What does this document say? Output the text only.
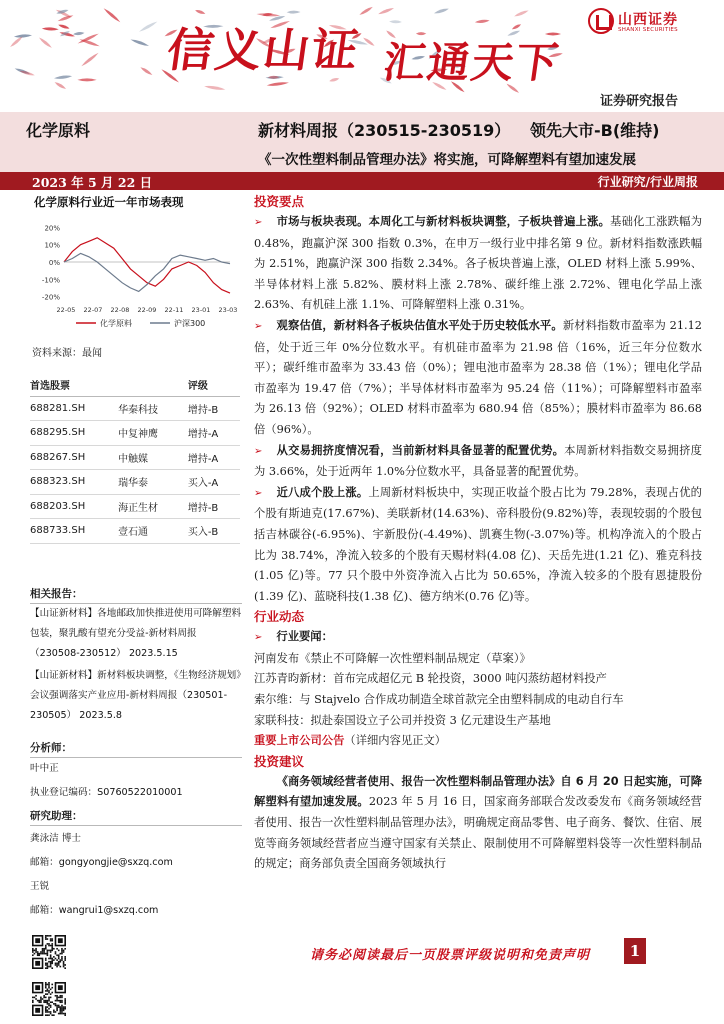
信义山证 汇通天下
山西证券
SHANXI SECURITIES
证券研究报告
化学原料	新材料周报（230515-230519） 领先大市-B(维持)
《一次性塑料制品管理办法》将实施，可降解塑料有望加速发展
2023 年 5 月 22 日	行业研究/行业周报
化学原料行业近一年市场表现
20%
10%
0%
-10%
-20%
22-05 22-07 22-08 22-09 22-11 23-01 23-03
化学原料	沪深300
资料来源：最闻
首选股票		评级
688281.SH	华秦科技	增持-B
688295.SH	中复神鹰	增持-A
688267.SH	中触媒	增持-A
688323.SH	瑞华泰	买入-A
688203.SH	海正生材	增持-B
688733.SH	壹石通	买入-B
相关报告：

【山证新材料】各地邮政加快推进使用可降解塑料包装，聚乳酸有望充分受益-新材料周报（230508-230512） 2023.5.15

【山证新材料】新材料板块调整，《生物经济规划》会议强调落实产业应用-新材料周报（230501-230505） 2023.5.8

分析师：
叶中正
执业登记编码：S0760522010001
研究助理：
龚泳洁 博士
邮箱：gongyongjie@sxzq.com
王锐
邮箱：wangrui1@sxzq.com
投资要点
➢ 市场与板块表现。本周化工与新材料板块调整，子板块普遍上涨。基础化工涨跌幅为 0.48%，跑赢沪深 300 指数 0.3%，在申万一级行业中排名第 9 位。新材料指数涨跌幅为 2.51%，跑赢沪深 300 指数 2.34%。各子板块普遍上涨，OLED 材料上涨 5.99%、半导体材料上涨 5.82%、膜材料上涨 2.78%、碳纤维上涨 2.72%、锂电化学品上涨 2.63%、有机硅上涨 1.1%、可降解塑料上涨 0.31%。
➢ 观察估值，新材料各子板块估值水平处于历史较低水平。新材料指数市盈率为 21.12 倍，处于近三年 0%分位数水平。有机硅市盈率为 21.98 倍（16%，近三年分位数水平）；碳纤维市盈率为 33.43 倍（0%）；锂电池市盈率为 28.38 倍（1%）；锂电化学品市盈率为 19.47 倍（7%）；半导体材料市盈率为 95.24 倍（11%）；可降解塑料市盈率为 26.13 倍（92%）；OLED 材料市盈率为 680.94 倍（85%）；膜材料市盈率为 86.68 倍（96%）。
➢ 从交易拥挤度情况看，当前新材料具备显著的配置优势。本周新材料指数交易拥挤度为 3.66%，处于近两年 1.0%分位数水平，具备显著的配置优势。
➢ 近八成个股上涨。上周新材料板块中，实现正收益个股占比为 79.28%，表现占优的个股有斯迪克(17.67%)、美联新材(14.63%)、帝科股份(9.82%)等，表现较弱的个股包括吉林碳谷(-6.95%)、宇新股份(-4.49%)、凯赛生物(-3.07%)等。机构净流入的个股占比为 38.74%，净流入较多的个股有天赐材料(4.08 亿)、天岳先进(1.21 亿)、雅克科技(1.05 亿)等。77 只个股中外资净流入占比为 50.65%，净流入较多的个股有恩捷股份(1.39 亿)、蓝晓科技(1.38 亿)、德方纳米(0.76 亿)等。
行业动态
➢ 行业要闻：
河南发布《禁止不可降解一次性塑料制品规定（草案）》
江苏青昀新材：首布完成超亿元 B 轮投资，3000 吨闪蒸纺超材料投产
索尔维：与 Stajvelo 合作成功制造全球首款完全由塑料制成的电动自行车
家联科技：拟赴泰国设立子公司并投资 3 亿元建设生产基地
重要上市公司公告（详细内容见正文）
投资建议
《商务领域经营者使用、报告一次性塑料制品管理办法》自 6 月 20 日起实施，可降解塑料有望加速发展。2023 年 5 月 16 日，国家商务部联合发改委发布《商务领域经营者使用、报告一次性塑料制品管理办法》，明确规定商品零售、电子商务、餐饮、住宿、展览等商务领域经营者应当遵守国家有关禁止、限制使用不可降解塑料袋等一次性塑料制品的规定；商务部负责全国商务领域执行
请务必阅读最后一页股票评级说明和免责声明	1
